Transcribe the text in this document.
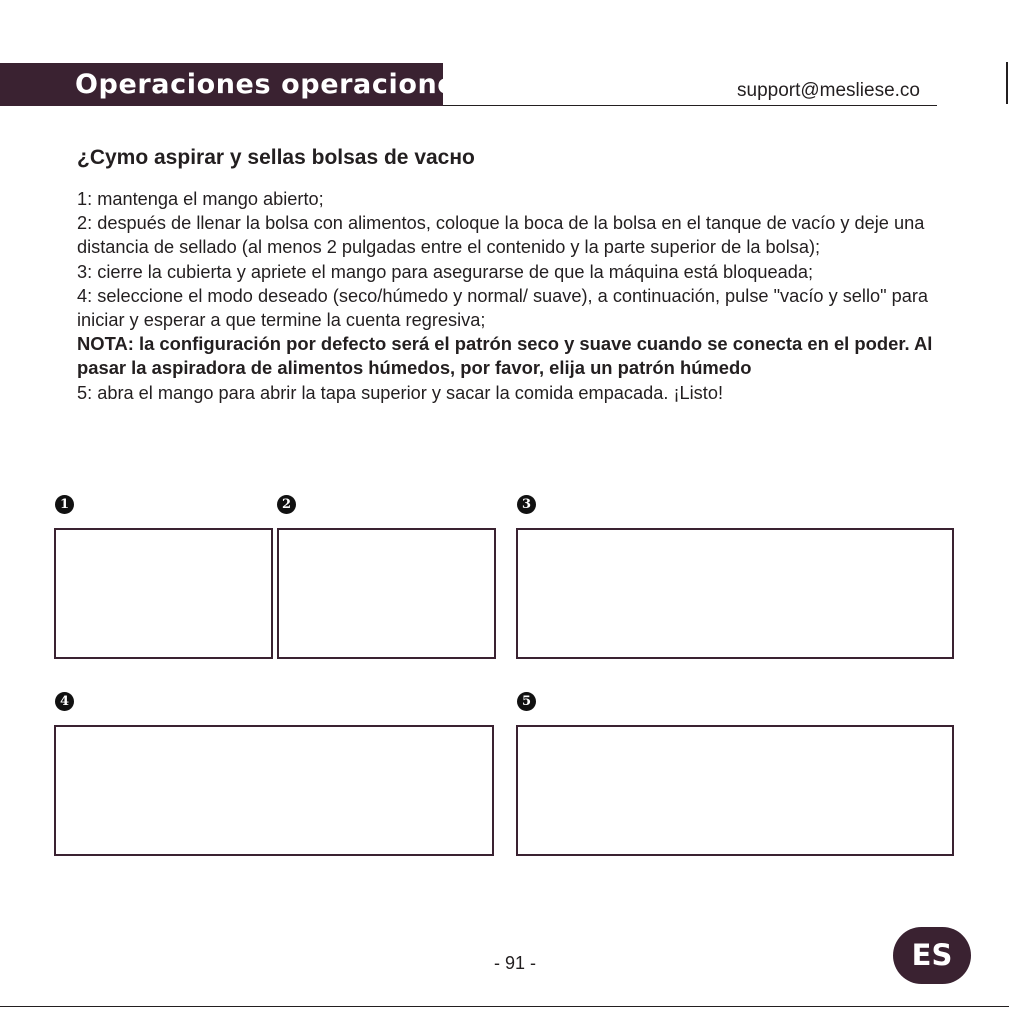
Operaciones operaciones	support@mesliese.co
¿Cymo aspirar y sellas bolsas de vacнo

1: mantenga el mango abierto;

2: después de llenar la bolsa con alimentos, coloque la boca de la bolsa en el tanque de vacío y deje una distancia de sellado (al menos 2 pulgadas entre el contenido y la parte superior de la bolsa);

3: cierre la cubierta y apriete el mango para asegurarse de que la máquina está bloqueada;

4: seleccione el modo deseado (seco/húmedo y normal/ suave), a continuación, pulse "vacío y sello" para iniciar y esperar a que termine la cuenta regresiva;

NOTA: la configuración por defecto será el patrón seco y suave cuando se conecta en el poder. Al pasar la aspiradora de alimentos húmedos, por favor, elija un patrón húmedo

5: abra el mango para abrir la tapa superior y sacar la comida empacada. ¡Listo!

1	2	3
4	5
- 91 -	ES
